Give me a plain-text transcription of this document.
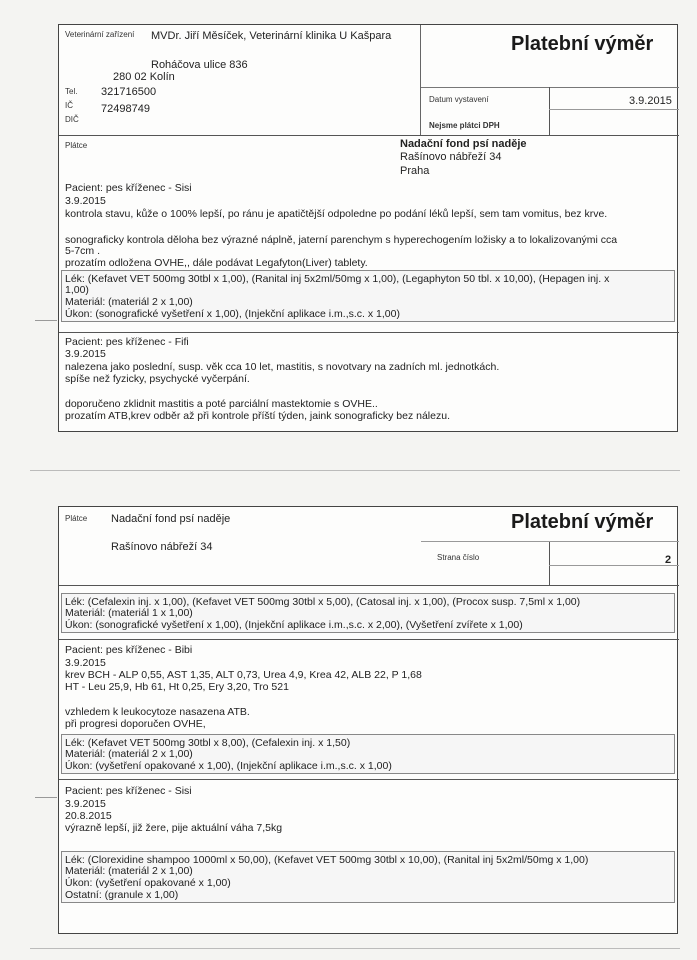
Veterinární zařízení MVDr. Jiří Měsíček, Veterinární klinika U Kašpara
Roháčova ulice 836
280 02 Kolín
Tel. 321716500
IČ	72498749
DIČ
Platební výměr
Datum vystavení	3.9.2015
Nejsme plátci DPH
Plátce	Nadační fond psí naděje
Rašínovo nábřeží 34
Praha
Pacient: pes kříženec - Sisi
3.9.2015
kontrola stavu, kůže o 100% lepší, po ránu je apatičtější odpoledne po podání léků lepší, sem tam vomitus, bez krve.
sonograficky kontrola děloha bez výrazné náplně, jaterní parenchym s hyperechogením ložisky a to lokalizovanými cca
5-7cm .
prozatím odložena OVHE,, dále podávat Legafyton(Liver) tablety.
Lék: (Kefavet VET 500mg 30tbl x 1,00), (Ranital inj 5x2ml/50mg x 1,00), (Legaphyton 50 tbl. x 10,00), (Hepagen inj. x
1,00)
Materiál: (materiál 2 x 1,00)
Úkon: (sonografické vyšetření x 1,00), (Injekční aplikace i.m.,s.c. x 1,00)
Pacient: pes kříženec - Fifi
3.9.2015
nalezena jako poslední, susp. věk cca 10 let, mastitis, s novotvary na zadních ml. jednotkách.
spíše než fyzicky, psychycké vyčerpání.
doporučeno zklidnit mastitis a poté parciální mastektomie s OVHE..
prozatím ATB,krev odběr až při kontrole příští týden, jaink sonograficky bez nálezu.
Plátce Nadační fond psí naděje
Rašínovo nábřeží 34
Platební výměr
Strana číslo	2
Lék: (Cefalexin inj. x 1,00), (Kefavet VET 500mg 30tbl x 5,00), (Catosal inj. x 1,00), (Procox susp. 7,5ml x 1,00)
Materiál: (materiál 1 x 1,00)
Úkon: (sonografické vyšetření x 1,00), (Injekční aplikace i.m.,s.c. x 2,00), (Vyšetření zvířete x 1,00)
Pacient: pes kříženec - Bibi
3.9.2015
krev BCH - ALP 0,55, AST 1,35, ALT 0,73, Urea 4,9, Krea 42, ALB 22, P 1,68
HT - Leu 25,9, Hb 61, Ht 0,25, Ery 3,20, Tro 521
vzhledem k leukocytoze nasazena ATB.
při progresi doporučen OVHE,
Lék: (Kefavet VET 500mg 30tbl x 8,00), (Cefalexin inj. x 1,50)
Materiál: (materiál 2 x 1,00)
Úkon: (vyšetření opakované x 1,00), (Injekční aplikace i.m.,s.c. x 1,00)
Pacient: pes kříženec - Sisi
3.9.2015
20.8.2015
výrazně lepší, již žere, pije aktuální váha 7,5kg
Lék: (Clorexidine shampoo 1000ml x 50,00), (Kefavet VET 500mg 30tbl x 10,00), (Ranital inj 5x2ml/50mg x 1,00)
Materiál: (materiál 2 x 1,00)
Úkon: (vyšetření opakované x 1,00)
Ostatní: (granule x 1,00)
